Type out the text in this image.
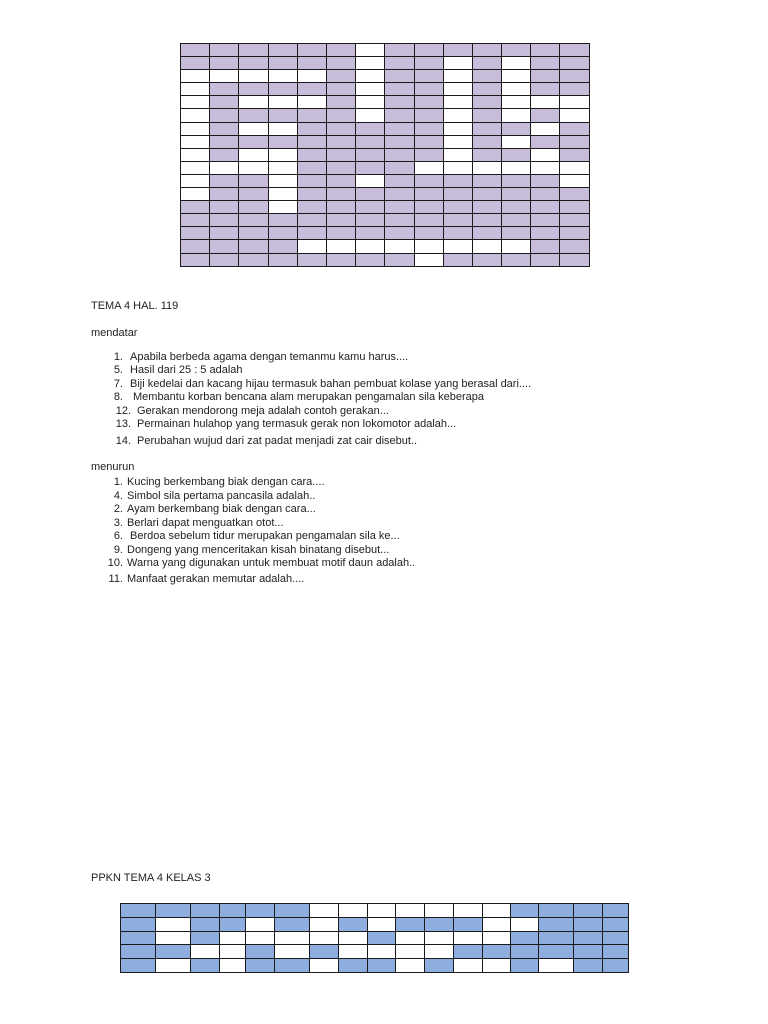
TEMA 4 HAL. 119
mendatar
1. Apabila berbeda agama dengan temanmu kamu harus....
5. Hasil dari 25 : 5 adalah
7. Biji kedelai dan kacang hijau termasuk bahan pembuat kolase yang berasal dari....
8. Membantu korban bencana alam merupakan pengamalan sila keberapa
12. Gerakan mendorong meja adalah contoh gerakan...
13. Permainan hulahop yang termasuk gerak non lokomotor adalah...
14. Perubahan wujud dari zat padat menjadi zat cair disebut..
menurun
1. Kucing berkembang biak dengan cara....
4. Simbol sila pertama pancasila adalah..
2. Ayam berkembang biak dengan cara...
3. Berlari dapat menguatkan otot...
6. Berdoa sebelum tidur merupakan pengamalan sila ke...
9. Dongeng yang menceritakan kisah binatang disebut...
10. Warna yang digunakan untuk membuat motif daun adalah..
11. Manfaat gerakan memutar adalah....
PPKN TEMA 4 KELAS 3
